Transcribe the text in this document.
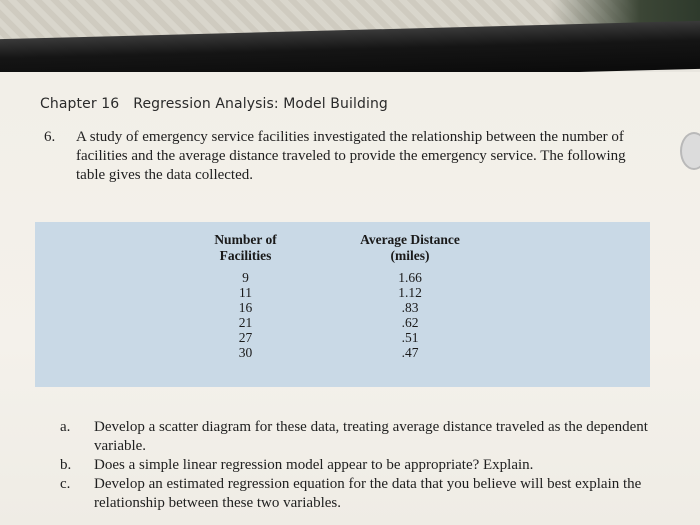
Chapter 16 Regression Analysis: Model Building

6. A study of emergency service facilities investigated the relationship between the number of facilities and the average distance traveled to provide the emergency service. The following table gives the data collected.

Number of
Facilities

9
11
16
21
27
30

Average Distance
(miles)

1.66
1.12
.83
.62
.51
.47
a. Develop a scatter diagram for these data, treating average distance traveled as the dependent variable.
b. Does a simple linear regression model appear to be appropriate? Explain.
c. Develop an estimated regression equation for the data that you believe will best explain the relationship between these two variables.
